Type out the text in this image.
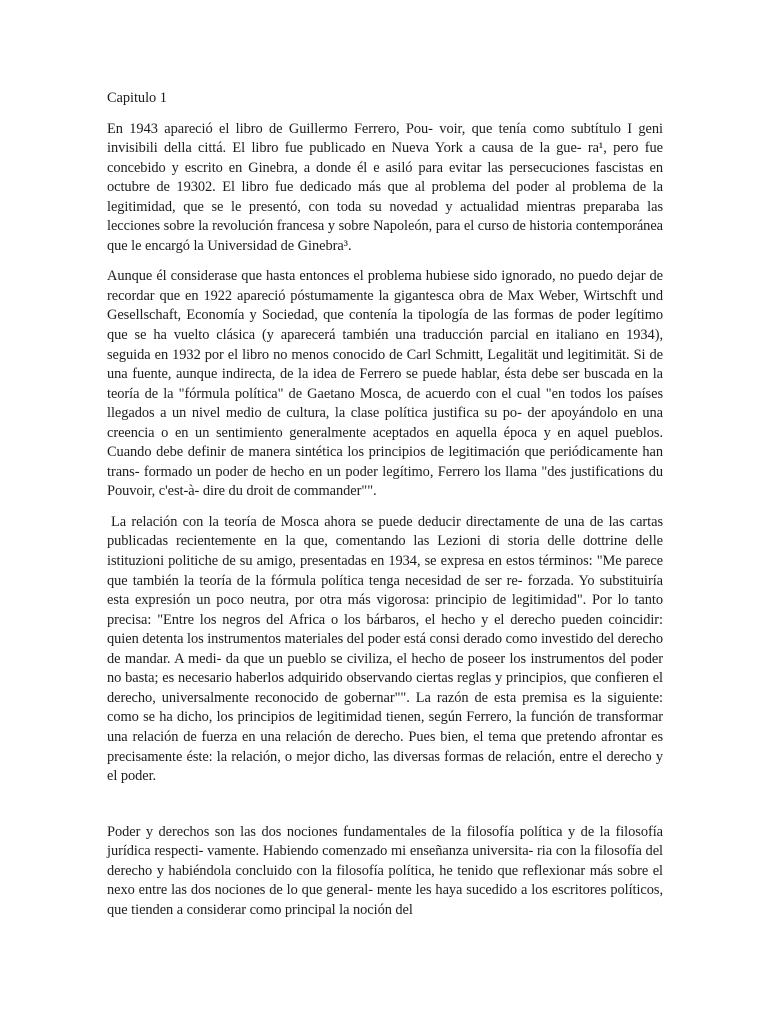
Capitulo 1

En 1943 apareció el libro de Guillermo Ferrero, Pou- voir, que tenía como subtítulo I geni invisibili della cittá. El libro fue publicado en Nueva York a causa de la gue- ra¹, pero fue concebido y escrito en Ginebra, a donde él e asiló para evitar las persecuciones fascistas en octubre de 19302. El libro fue dedicado más que al problema del poder al problema de la legitimidad, que se le presentó, con toda su novedad y actualidad mientras preparaba las lecciones sobre la revolución francesa y sobre Napoleón, para el curso de historia contemporánea que le encargó la Universidad de Ginebra³.

Aunque él considerase que hasta entonces el problema hubiese sido ignorado, no puedo dejar de recordar que en 1922 apareció póstumamente la gigantesca obra de Max Weber, Wirtschft und Gesellschaft, Economía y Sociedad, que contenía la tipología de las formas de poder legítimo que se ha vuelto clásica (y aparecerá también una traducción parcial en italiano en 1934), seguida en 1932 por el libro no menos conocido de Carl Schmitt, Legalität und legitimität. Si de una fuente, aunque indirecta, de la idea de Ferrero se puede hablar, ésta debe ser buscada en la teoría de la "fórmula política" de Gaetano Mosca, de acuerdo con el cual "en todos los países llegados a un nivel medio de cultura, la clase política justifica su po- der apoyándolo en una creencia o en un sentimiento generalmente aceptados en aquella época y en aquel pueblos. Cuando debe definir de manera sintética los principios de legitimación que periódicamente han trans- formado un poder de hecho en un poder legítimo, Ferrero los llama "des justifications du Pouvoir, c'est-à- dire du droit de commander"".

La relación con la teoría de Mosca ahora se puede deducir directamente de una de las cartas publicadas recientemente en la que, comentando las Lezioni di storia delle dottrine delle istituzioni politiche de su amigo, presentadas en 1934, se expresa en estos términos: "Me parece que también la teoría de la fórmula política tenga necesidad de ser re- forzada. Yo substituiría esta expresión un poco neutra, por otra más vigorosa: principio de legitimidad". Por lo tanto precisa: "Entre los negros del Africa o los bárbaros, el hecho y el derecho pueden coincidir: quien detenta los instrumentos materiales del poder está consi derado como investido del derecho de mandar. A medi- da que un pueblo se civiliza, el hecho de poseer los instrumentos del poder no basta; es necesario haberlos adquirido observando ciertas reglas y principios, que confieren el derecho, universalmente reconocido de gobernar"". La razón de esta premisa es la siguiente: como se ha dicho, los principios de legitimidad tienen, según Ferrero, la función de transformar una relación de fuerza en una relación de derecho. Pues bien, el tema que pretendo afrontar es precisamente éste: la relación, o mejor dicho, las diversas formas de relación, entre el derecho y el poder.

Poder y derechos son las dos nociones fundamentales de la filosofía política y de la filosofía jurídica respecti- vamente. Habiendo comenzado mi enseñanza universita- ria con la filosofía del derecho y habiéndola concluido con la filosofía política, he tenido que reflexionar más sobre el nexo entre las dos nociones de lo que general- mente les haya sucedido a los escritores políticos, que tienden a considerar como principal la noción del
